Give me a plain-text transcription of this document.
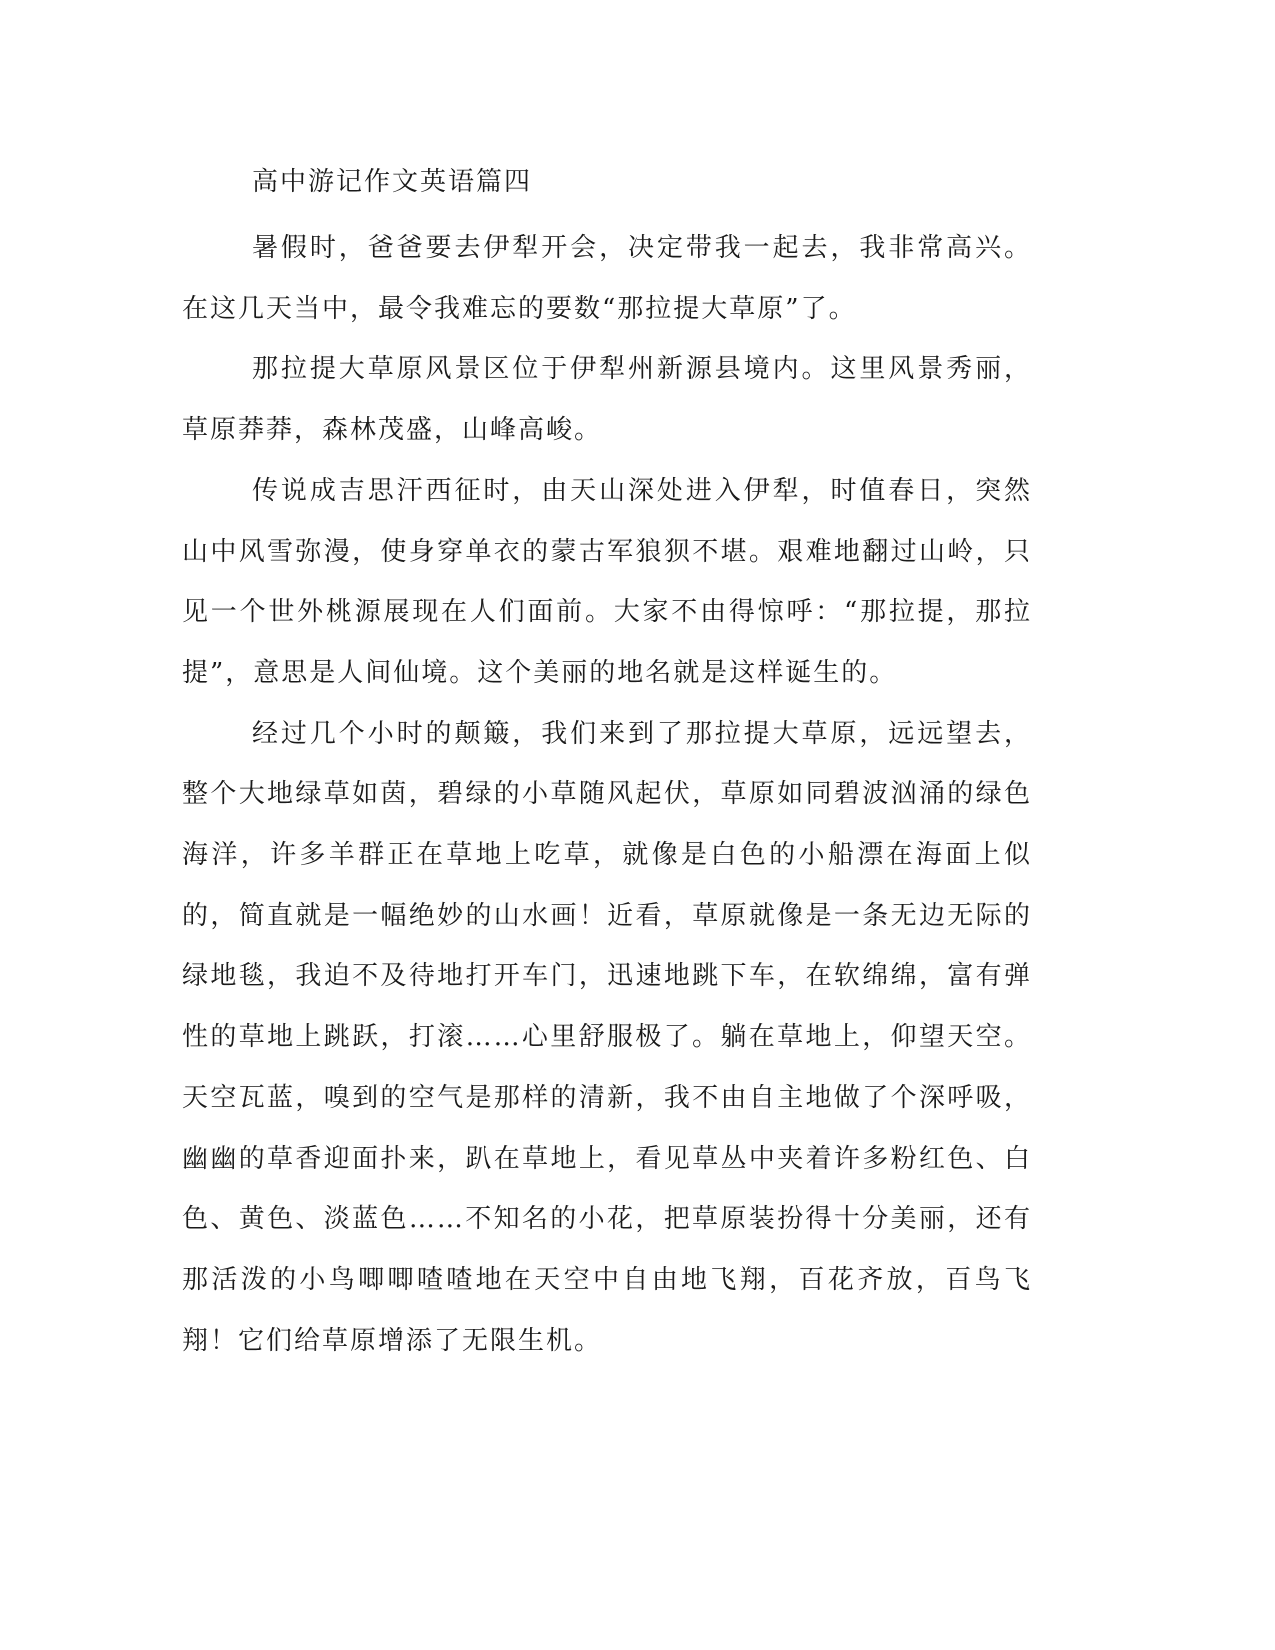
高中游记作文英语篇四

暑假时，爸爸要去伊犁开会，决定带我一起去，我非常高兴。在这几天当中，最令我难忘的要数“那拉提大草原”了。

那拉提大草原风景区位于伊犁州新源县境内。这里风景秀丽，草原莽莽，森林茂盛，山峰高峻。

传说成吉思汗西征时，由天山深处进入伊犁，时值春日，突然山中风雪弥漫，使身穿单衣的蒙古军狼狈不堪。艰难地翻过山岭，只见一个世外桃源展现在人们面前。大家不由得惊呼：“那拉提，那拉提”，意思是人间仙境。这个美丽的地名就是这样诞生的。

经过几个小时的颠簸，我们来到了那拉提大草原，远远望去，整个大地绿草如茵，碧绿的小草随风起伏，草原如同碧波汹涌的绿色海洋，许多羊群正在草地上吃草，就像是白色的小船漂在海面上似的，简直就是一幅绝妙的山水画！近看，草原就像是一条无边无际的绿地毯，我迫不及待地打开车门，迅速地跳下车，在软绵绵，富有弹性的草地上跳跃，打滚……心里舒服极了。躺在草地上，仰望天空。天空瓦蓝，嗅到的空气是那样的清新，我不由自主地做了个深呼吸，幽幽的草香迎面扑来，趴在草地上，看见草丛中夹着许多粉红色、白色、黄色、淡蓝色……不知名的小花，把草原装扮得十分美丽，还有那活泼的小鸟唧唧喳喳地在天空中自由地飞翔，百花齐放，百鸟飞翔！它们给草原增添了无限生机。
